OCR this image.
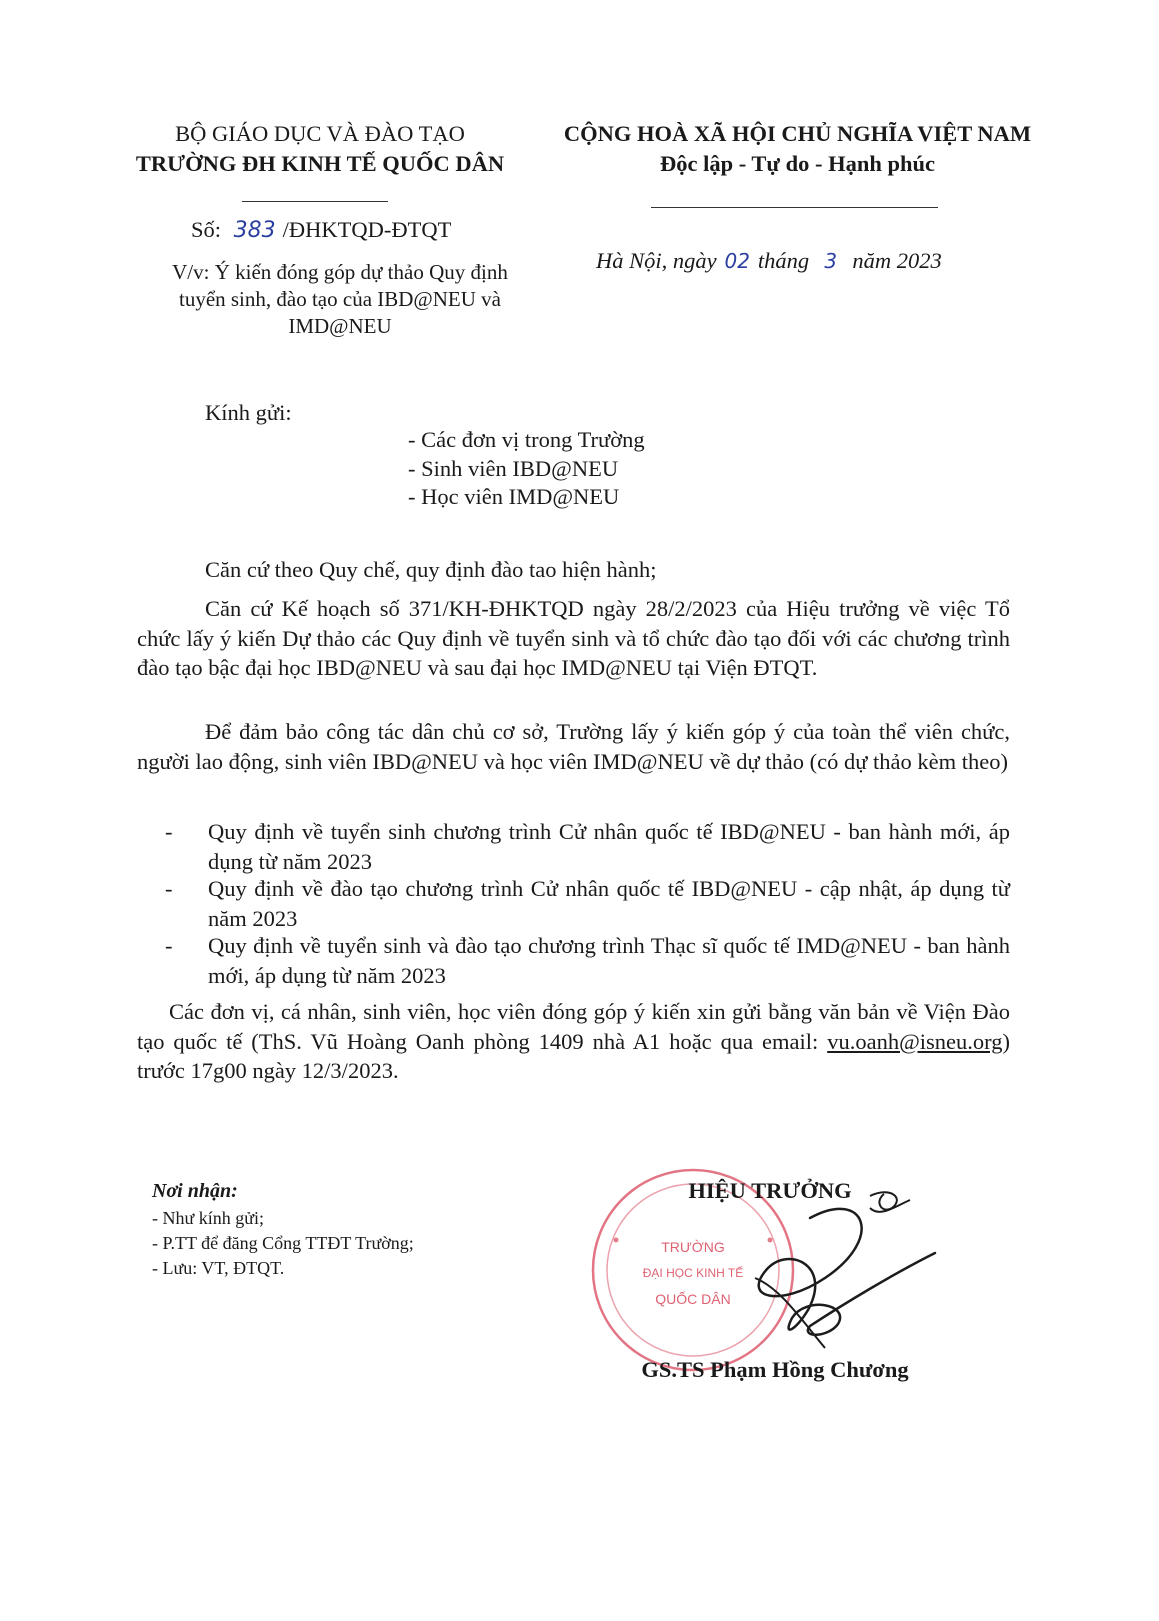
BỘ GIÁO DỤC VÀ ĐÀO TẠO
TRƯỜNG ĐH KINH TẾ QUỐC DÂN
Số: 383 /ĐHKTQD-ĐTQT
V/v: Ý kiến đóng góp dự thảo Quy định
tuyển sinh, đào tạo của IBD@NEU và
IMD@NEU
CỘNG HOÀ XÃ HỘI CHỦ NGHĨA VIỆT NAM
Độc lập - Tự do - Hạnh phúc
Hà Nội, ngày 02 tháng 3 năm 2023
Kính gửi:
- Các đơn vị trong Trường
- Sinh viên IBD@NEU
- Học viên IMD@NEU

Căn cứ theo Quy chế, quy định đào tao hiện hành;

Căn cứ Kế hoạch số 371/KH-ĐHKTQD ngày 28/2/2023 của Hiệu trưởng về việc Tổ chức lấy ý kiến Dự thảo các Quy định về tuyển sinh và tổ chức đào tạo đối với các chương trình đào tạo bậc đại học IBD@NEU và sau đại học IMD@NEU tại Viện ĐTQT.

Để đảm bảo công tác dân chủ cơ sở, Trường lấy ý kiến góp ý của toàn thể viên chức, người lao động, sinh viên IBD@NEU và học viên IMD@NEU về dự thảo (có dự thảo kèm theo)

- Quy định về tuyển sinh chương trình Cử nhân quốc tế IBD@NEU - ban hành mới, áp dụng từ năm 2023
- Quy định về đào tạo chương trình Cử nhân quốc tế IBD@NEU - cập nhật, áp dụng từ năm 2023
- Quy định về tuyển sinh và đào tạo chương trình Thạc sĩ quốc tế IMD@NEU - ban hành mới, áp dụng từ năm 2023

Các đơn vị, cá nhân, sinh viên, học viên đóng góp ý kiến xin gửi bằng văn bản về Viện Đào tạo quốc tế (ThS. Vũ Hoàng Oanh phòng 1409 nhà A1 hoặc qua email: vu.oanh@isneu.org) trước 17g00 ngày 12/3/2023.

Nơi nhận:
- Như kính gửi;
- P.TT để đăng Cổng TTĐT Trường;
- Lưu: VT, ĐTQT.
TRƯỜNG
ĐẠI HỌC KINH TẾ
QUỐC DÂN
HIỆU TRƯỞNG
GS.TS Phạm Hồng Chương
